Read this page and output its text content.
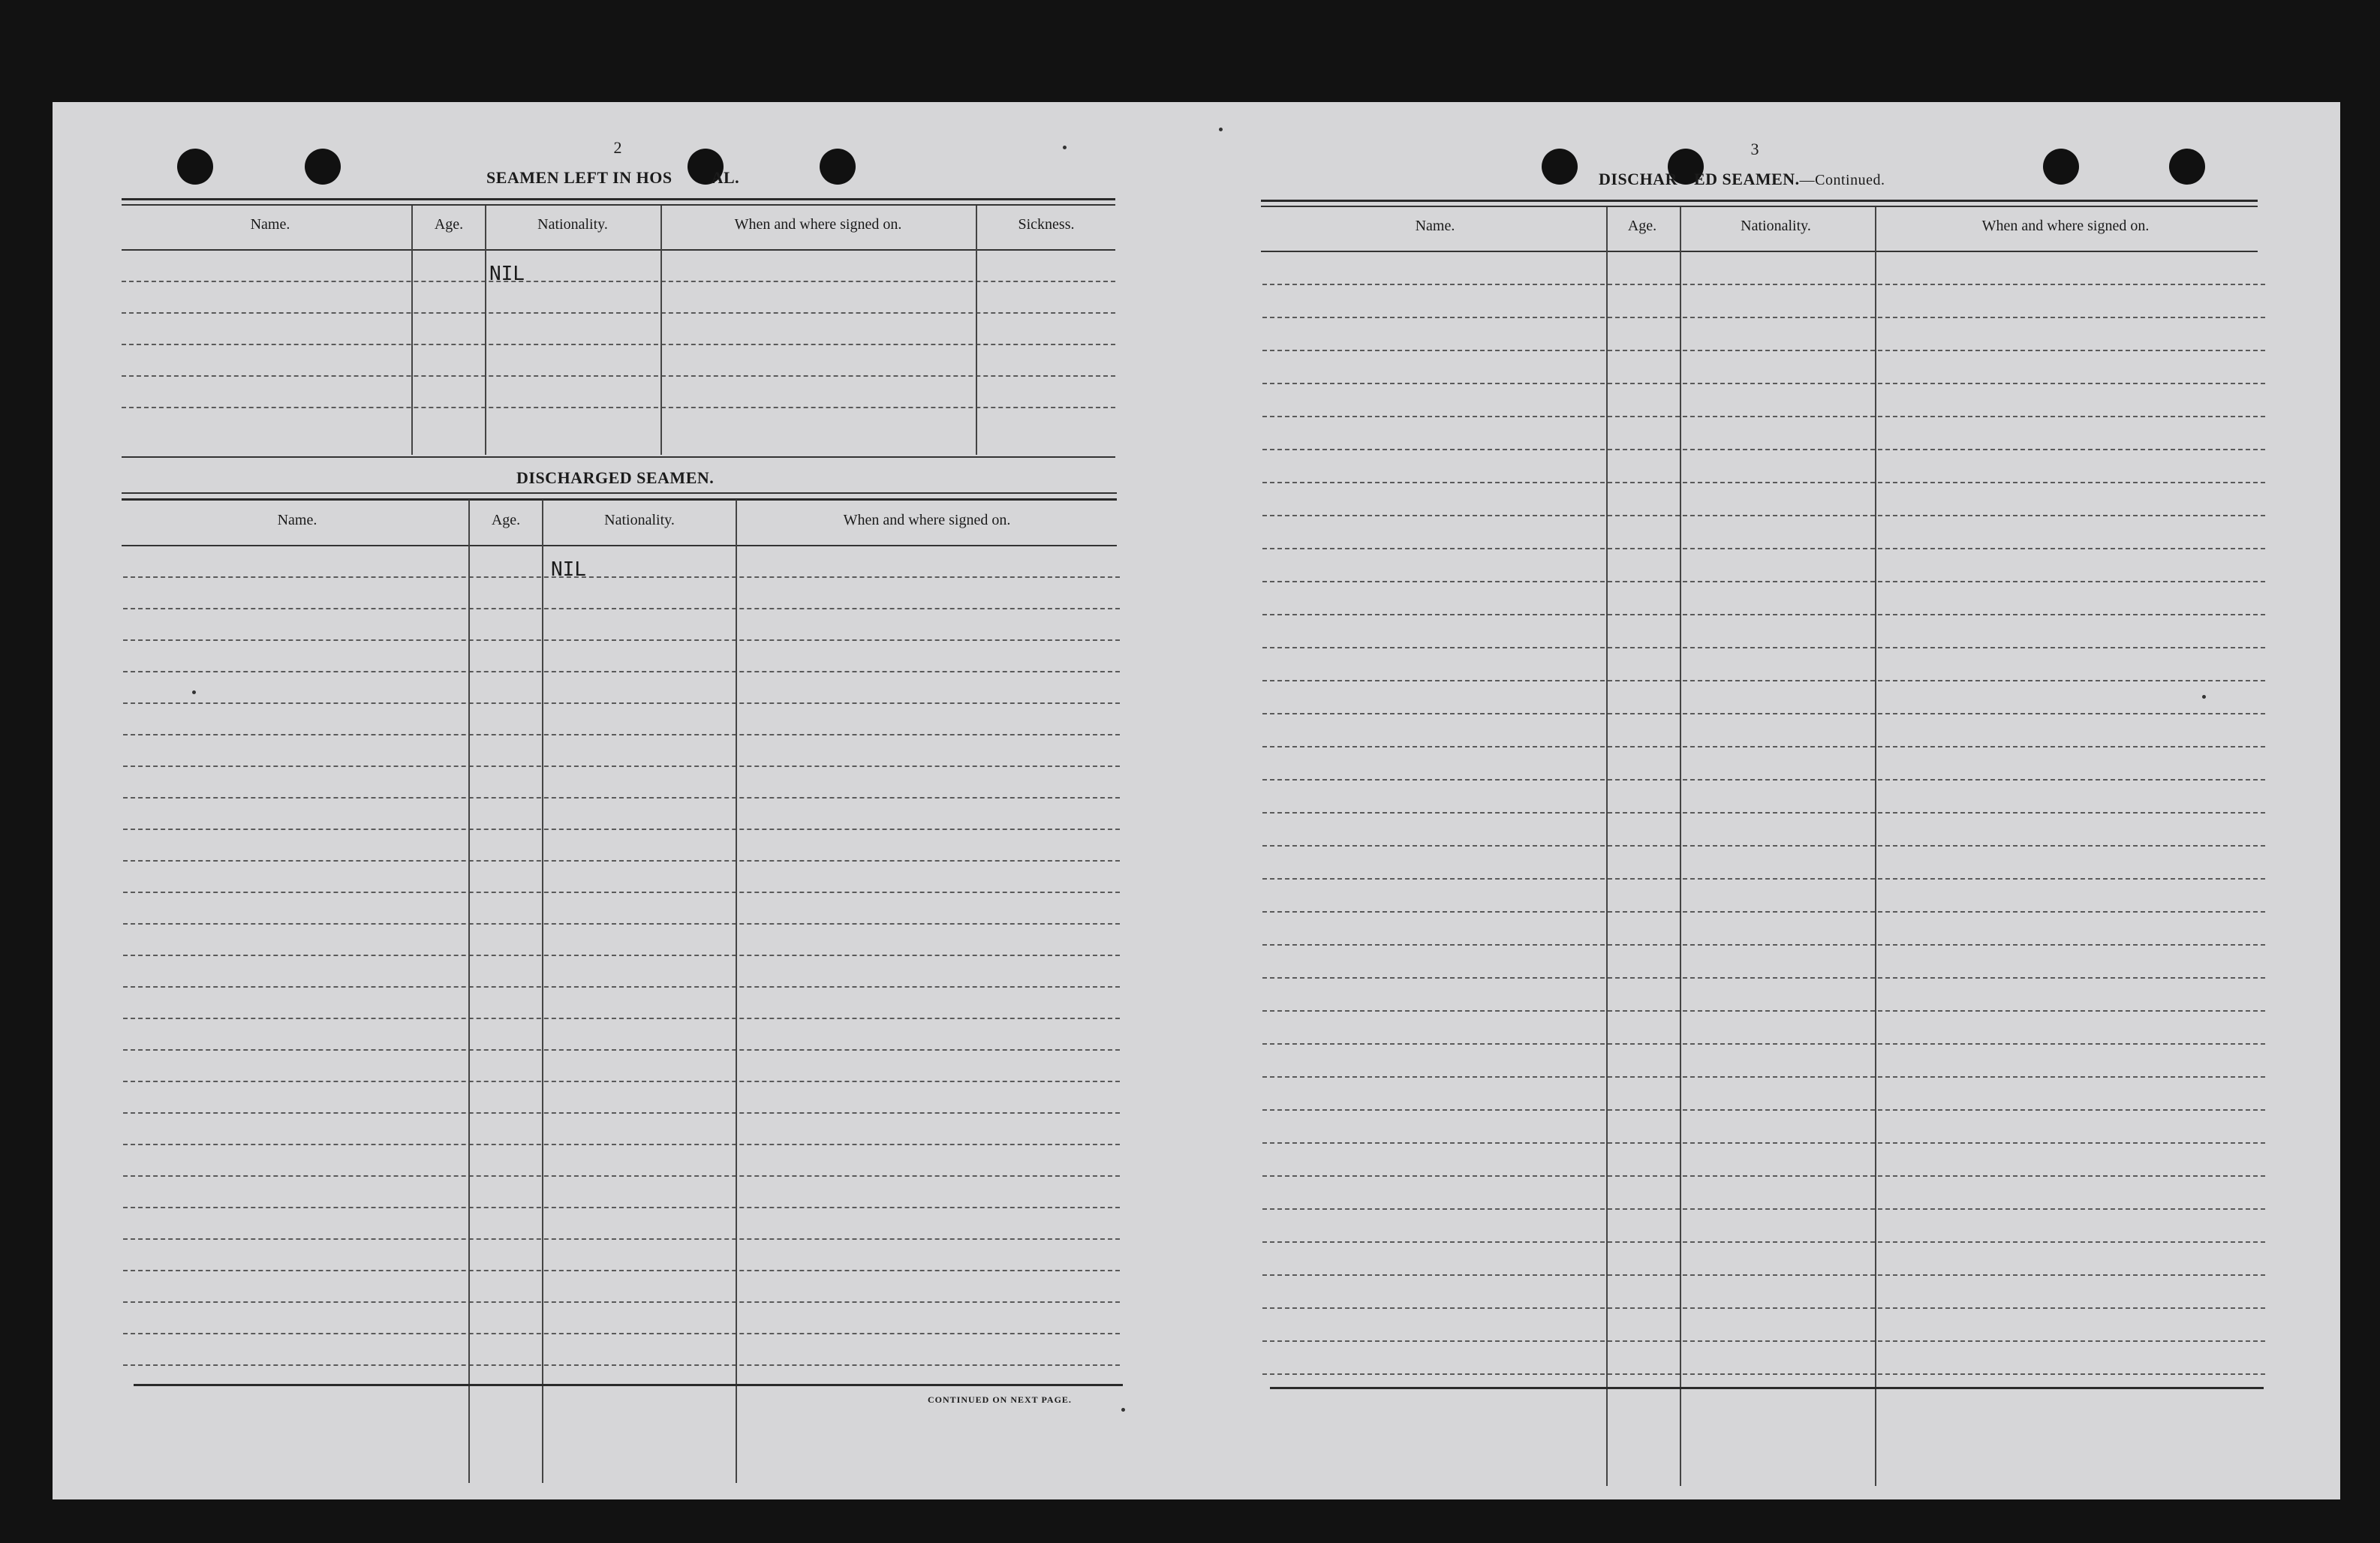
2
SEAMEN LEFT IN HOS AL.
Name.	Age.	Nationality.	When and where signed on.	Sickness.
NIL
DISCHARGED SEAMEN.
Name.	Age.	Nationality.	When and where signed on.
NIL
CONTINUED ON NEXT PAGE.
3
DISCHAR ED SEAMEN.—Continued.
Name.	Age.	Nationality.	When and where signed on.
